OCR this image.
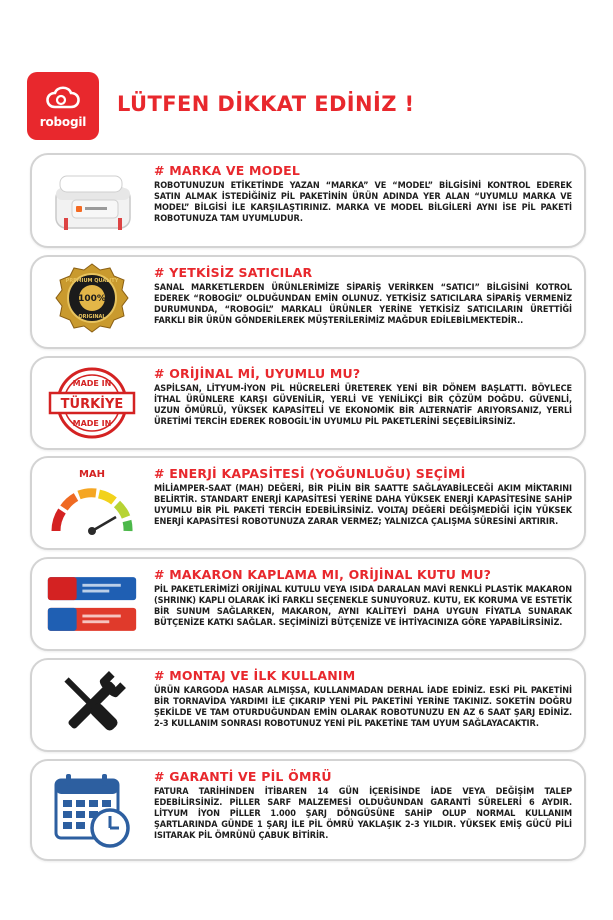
robogil
LÜTFEN DİKKAT EDİNİZ !
# MARKA VE MODEL
ROBOTUNUZUN ETİKETİNDE YAZAN “MARKA” VE “MODEL” BİLGİSİNİ KONTROL EDEREK SATIN ALMAK İSTEDİĞİNİZ PİL PAKETİNİN ÜRÜN ADINDA YER ALAN “UYUMLU MARKA VE MODEL” BİLGİSİ İLE KARŞILAŞTIRINIZ. MARKA VE MODEL BİLGİLERİ AYNI İSE PİL PAKETİ ROBOTUNUZA TAM UYUMLUDUR.
100%
PREMIUM QUALITY
ORIGINAL
# YETKİSİZ SATICILAR
SANAL MARKETLERDEN ÜRÜNLERİMİZE SİPARİŞ VERİRKEN “SATICI” BİLGİSİNİ KOTROL EDEREK “ROBOGİL” OLDUĞUNDAN EMİN OLUNUZ. YETKİSİZ SATICILARA SİPARİŞ VERMENİZ DURUMUNDA, “ROBOGİL” MARKALI ÜRÜNLER YERİNE YETKİSİZ SATICILARIN ÜRETTİĞİ FARKLI BİR ÜRÜN GÖNDERİLEREK MÜŞTERİLERİMİZ MAĞDUR EDİLEBİLMEKTEDİR..
TÜRKİYE
MADE IN
MADE IN
# ORİJİNAL Mİ, UYUMLU MU?
ASPİLSAN, LİTYUM-İYON PİL HÜCRELERİ ÜRETEREK YENİ BİR DÖNEM BAŞLATTI. BÖYLECE İTHAL ÜRÜNLERE KARŞI GÜVENİLİR, YERLİ VE YENİLİKÇİ BİR ÇÖZÜM DOĞDU. GÜVENLİ, UZUN ÖMÜRLÜ, YÜKSEK KAPASİTELİ VE EKONOMİK BİR ALTERNATİF ARIYORSANIZ, YERLİ ÜRETİMİ TERCİH EDEREK ROBOGİL'İN UYUMLU PİL PAKETLERİNİ SEÇEBİLİRSİNİZ.
MAH	# ENERJİ KAPASİTESİ (YOĞUNLUĞU) SEÇİMİ
MİLİAMPER-SAAT (MAH) DEĞERİ, BİR PİLİN BİR SAATTE SAĞLAYABİLECEĞİ AKIM MİKTARINI BELİRTİR. STANDART ENERJİ KAPASİTESİ YERİNE DAHA YÜKSEK ENERJİ KAPASİTESİNE SAHİP UYUMLU BİR PİL PAKETİ TERCİH EDEBİLİRSİNİZ. VOLTAJ DEĞERİ DEĞİŞMEDİĞİ İÇİN YÜKSEK ENERJİ KAPASİTESİ ROBOTUNUZA ZARAR VERMEZ; YALNIZCA ÇALIŞMA SÜRESİNİ ARTIRIR.
# MAKARON KAPLAMA MI, ORİJİNAL KUTU MU?
PİL PAKETLERİMİZİ ORİJİNAL KUTULU VEYA ISIDA DARALAN MAVİ RENKLİ PLASTİK MAKARON (SHRINK) KAPLI OLARAK İKİ FARKLI SEÇENEKLE SUNUYORUZ. KUTU, EK KORUMA VE ESTETİK BİR SUNUM SAĞLARKEN, MAKARON, AYNI KALİTEYİ DAHA UYGUN FİYATLA SUNARAK BÜTÇENİZE KATKI SAĞLAR. SEÇİMİNİZİ BÜTÇENİZE VE İHTİYACINIZA GÖRE YAPABİLİRSİNİZ.
# MONTAJ VE İLK KULLANIM
ÜRÜN KARGODA HASAR ALMIŞSA, KULLANMADAN DERHAL İADE EDİNİZ. ESKİ PİL PAKETİNİ BİR TORNAVİDA YARDIMI İLE ÇIKARIP YENİ PİL PAKETİNİ YERİNE TAKINIZ. SOKETİN DOĞRU ŞEKİLDE VE TAM OTURDUĞUNDAN EMİN OLARAK ROBOTUNUZU EN AZ 6 SAAT ŞARJ EDİNİZ. 2-3 KULLANIM SONRASI ROBOTUNUZ YENİ PİL PAKETİNE TAM UYUM SAĞLAYACAKTIR.
# GARANTİ VE PİL ÖMRÜ
FATURA TARİHİNDEN İTİBAREN 14 GÜN İÇERİSİNDE İADE VEYA DEĞİŞİM TALEP EDEBİLİRSİNİZ. PİLLER SARF MALZEMESİ OLDUĞUNDAN GARANTİ SÜRELERİ 6 AYDIR. LİTYUM İYON PİLLER 1.000 ŞARJ DÖNGÜSÜNE SAHİP OLUP NORMAL KULLANIM ŞARTLARINDA GÜNDE 1 ŞARJ İLE PİL ÖMRÜ YAKLAŞIK 2-3 YILDIR. YÜKSEK EMİŞ GÜCÜ PİLİ ISITARAK PİL ÖMRÜNÜ ÇABUK BİTİRİR.
